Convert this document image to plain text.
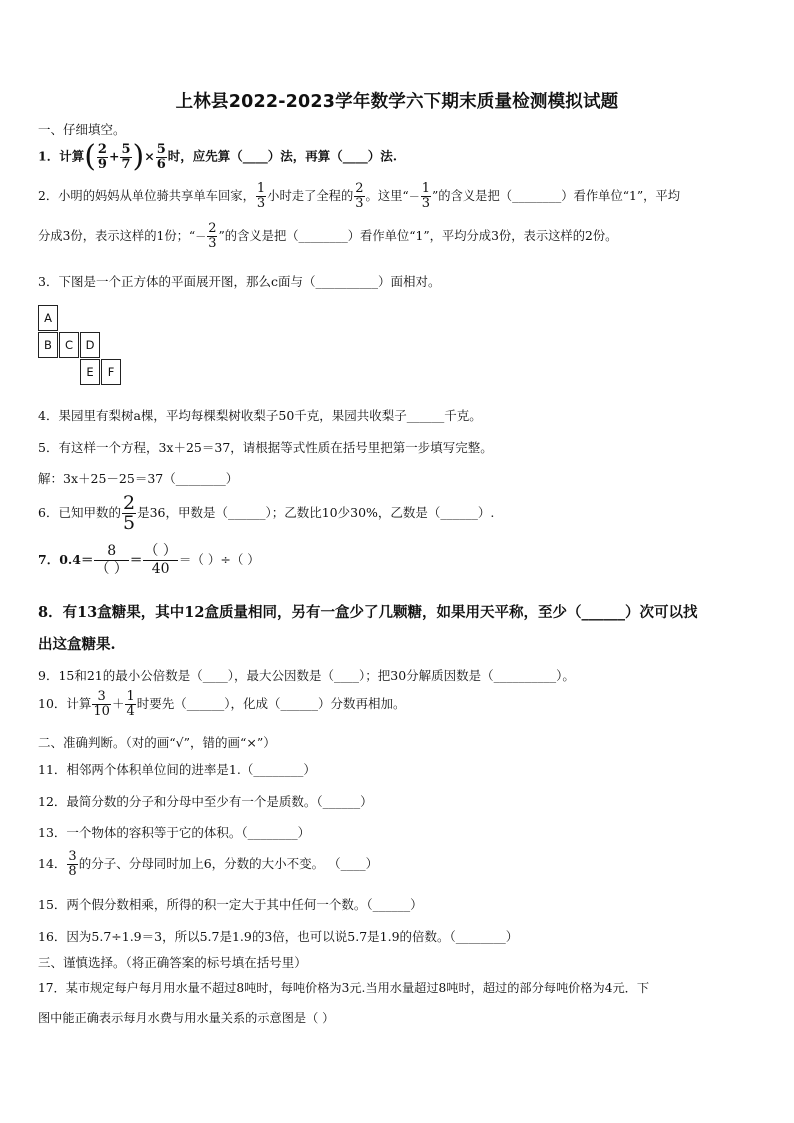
上林县2022-2023学年数学六下期末质量检测模拟试题
一、仔细填空。
1．计算( $\frac{2}{9} + \frac{5}{7}$ )× $\frac{5}{6}$ 时，应先算（____）法，再算（____）法.
2．小明的妈妈从单位骑共享单车回家， $\frac{1}{3}$ 小时走了全程的 $\frac{2}{3}$ 。这里“－ $\frac{1}{3}$ ”的含义是把（________）看作单位“1”，平均
分成3份，表示这样的1份；“－ $\frac{2}{3}$ ”的含义是把（________）看作单位“1”，平均分成3份，表示这样的2份。
3．下图是一个正方体的平面展开图，那么c面与（__________）面相对。
A
B	C	D
E	F
4．果园里有梨树a棵，平均每棵梨树收梨子50千克，果园共收梨子______千克。
5．有这样一个方程，3x＋25＝37，请根据等式性质在括号里把第一步填写完整。
解：3x＋25－25＝37（________）
6．已知甲数的 $\frac{2}{5}$ 是36，甲数是（______）；乙数比10少30%，乙数是（______）.
7．$0.4= \frac{8}{( )} = \frac{( )}{40}$ ＝（ ）÷（ ）
8．有13盒糖果，其中12盒质量相同，另有一盒少了几颗糖，如果用天平称，至少（______）次可以找
出这盒糖果.
9．15和21的最小公倍数是（____），最大公因数是（____）；把30分解质因数是（__________）。
10．计算 $\frac{3}{10} + \frac{1}{4}$ 时要先（______），化成（______）分数再相加。
二、准确判断。（对的画“√”，错的画“×”）
11．相邻两个体积单位间的进率是1.（________）
12．最简分数的分子和分母中至少有一个是质数。（______）
13．一个物体的容积等于它的体积。（________）
14． $\frac{3}{8}$ 的分子、分母同时加上6，分数的大小不变。 （____）
15．两个假分数相乘，所得的积一定大于其中任何一个数。（______）
16．因为5.7÷1.9＝3，所以5.7是1.9的3倍，也可以说5.7是1.9的倍数。（________）
三、谨慎选择。（将正确答案的标号填在括号里）
17．某市规定每户每月用水量不超过8吨时，每吨价格为3元.当用水量超过8吨时，超过的部分每吨价格为4元．下
图中能正确表示每月水费与用水量关系的示意图是（ ）
